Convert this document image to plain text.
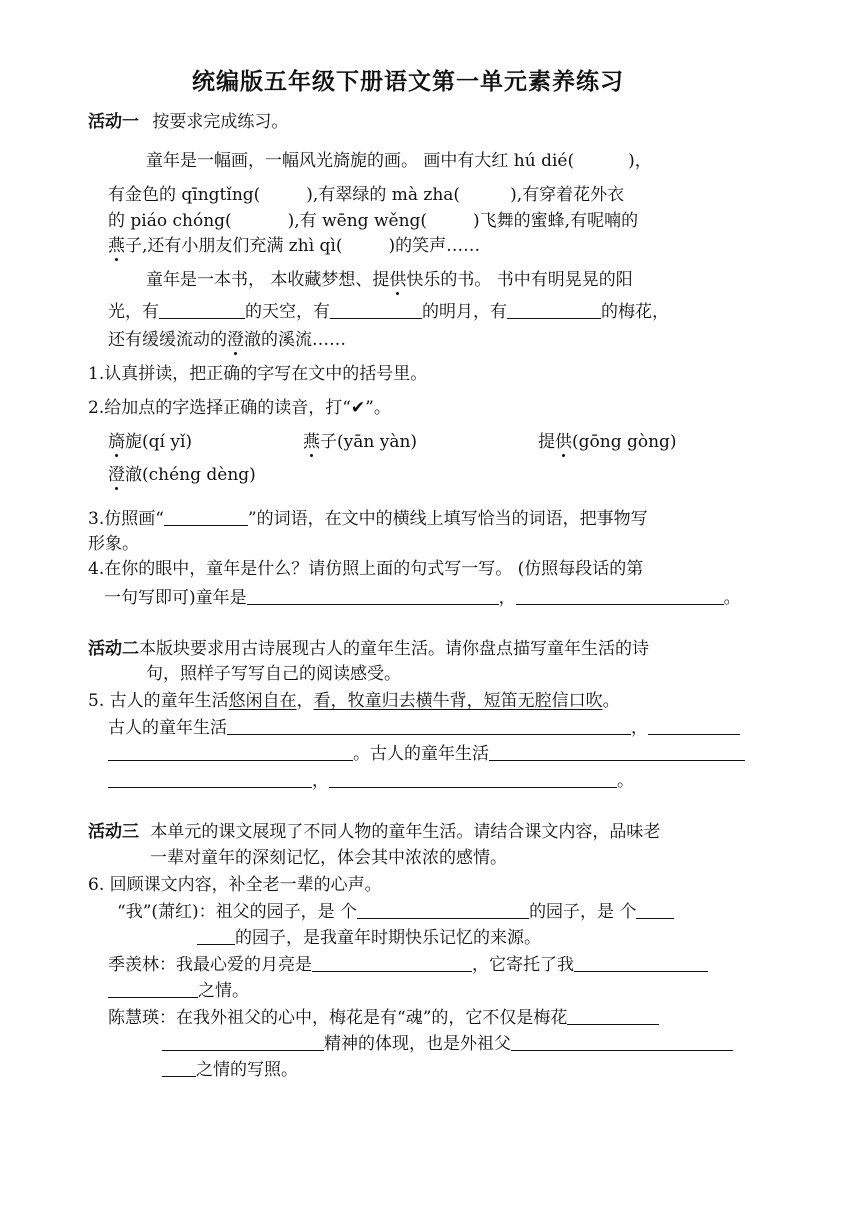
统编版五年级下册语文第一单元素养练习
活动一 按要求完成练习。
童年是一幅画，一幅风光旖旎的画。 画中有大红 hú dié(	)，
有金色的 qīngtǐng(	),有翠绿的 mà zha(	),有穿着花外衣
的 piáo chóng(	),有 wēng wěng(	)飞舞的蜜蜂,有呢喃的
燕子,还有小朋友们充满 zhì qì(	)的笑声……
童年是一本书， 本收藏梦想、提供快乐的书。 书中有明晃晃的阳
光，有	的天空，有	的明月，有	的梅花，
还有缓缓流动的澄澈的溪流……
1.认真拼读，把正确的字写在文中的括号里。
2.给加点的字选择正确的读音，打“✔”。
旖旎(qí yǐ)	燕子(yān yàn)	提供(gōng gòng)
澄澈(chéng dèng)
3.仿照画“	”的词语，在文中的横线上填写恰当的词语，把事物写
形象。
4.在你的眼中，童年是什么？请仿照上面的句式写一写。 (仿照每段话的第
一句写即可)童年是	，	。
活动二本版块要求用古诗展现古人的童年生活。请你盘点描写童年生活的诗
句，照样子写写自己的阅读感受。
5. 古人的童年生活悠闲自在，看，牧童归去横牛背，短笛无腔信口吹。
古人的童年生活	，
。古人的童年生活
，	。
活动三 本单元的课文展现了不同人物的童年生活。请结合课文内容，品味老
一辈对童年的深刻记忆，体会其中浓浓的感情。
6. 回顾课文内容，补全老一辈的心声。
“我”(萧红)：祖父的园子，是 个	的园子，是 个
的园子，是我童年时期快乐记忆的来源。
季羡林：我最心爱的月亮是	，它寄托了我
之情。
陈慧瑛：在我外祖父的心中，梅花是有“魂”的，它不仅是梅花
精神的体现，也是外祖父
之情的写照。
